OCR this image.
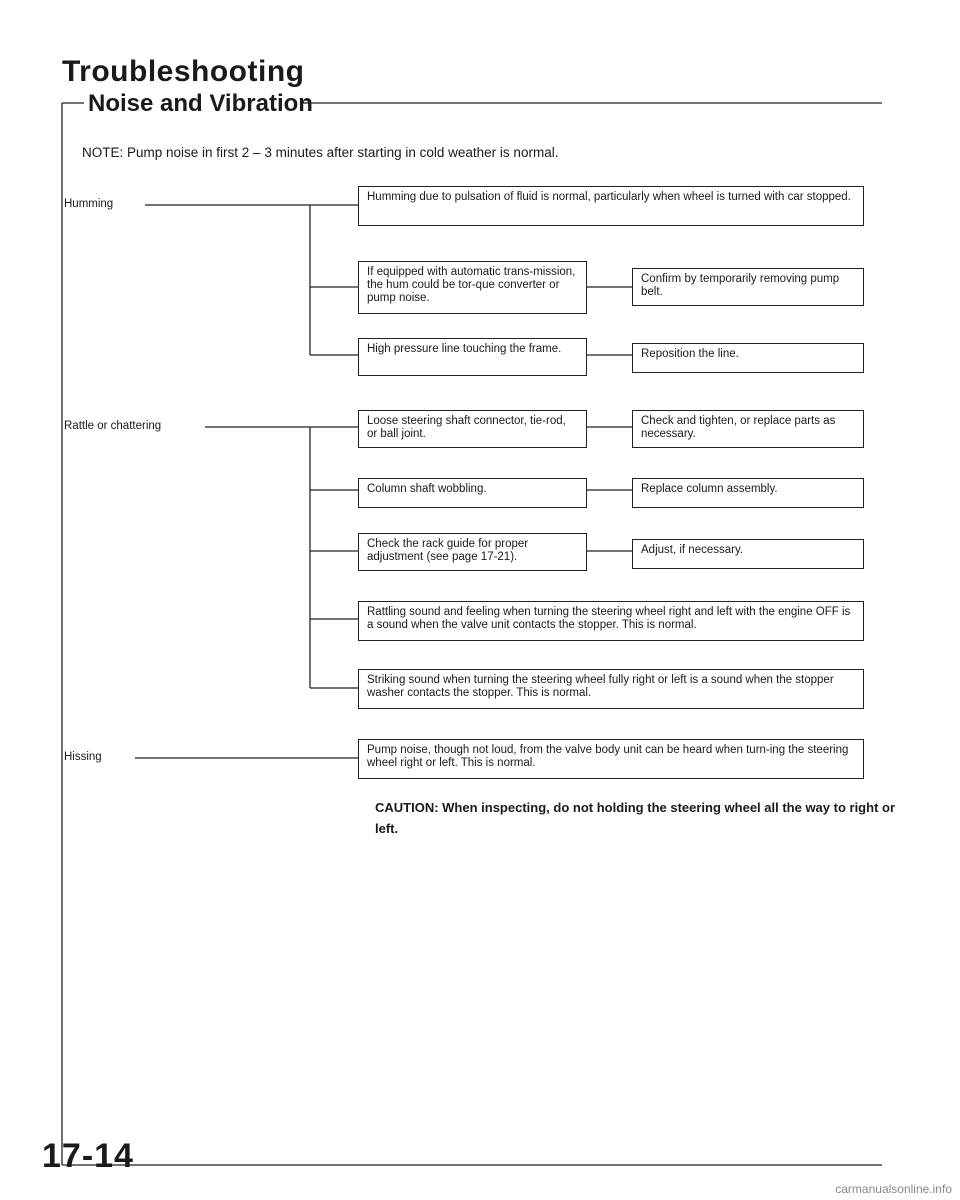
Troubleshooting
Noise and Vibration
NOTE: Pump noise in first 2 – 3 minutes after starting in cold weather is normal.
Humming
Rattle or chattering
Hissing
Humming due to pulsation of fluid is normal, particularly when wheel is turned with car stopped.
If equipped with automatic trans-mission, the hum could be tor-que converter or pump noise.
Confirm by temporarily removing pump belt.
High pressure line touching the frame.	Reposition the line.
Loose steering shaft connector, tie-rod, or ball joint.
Check and tighten, or replace parts as necessary.
Column shaft wobbling.	Replace column assembly.
Check the rack guide for proper adjustment (see page 17-21).
Adjust, if necessary.
Rattling sound and feeling when turning the steering wheel right and left with the engine OFF is a sound when the valve unit contacts the stopper. This is normal.
Striking sound when turning the steering wheel fully right or left is a sound when the stopper washer contacts the stopper. This is normal.
Pump noise, though not loud, from the valve body unit can be heard when turn-ing the steering wheel right or left. This is normal.
CAUTION: When inspecting, do not holding the steering wheel all the way to right or left.
17-14
carmanualsonline.info
